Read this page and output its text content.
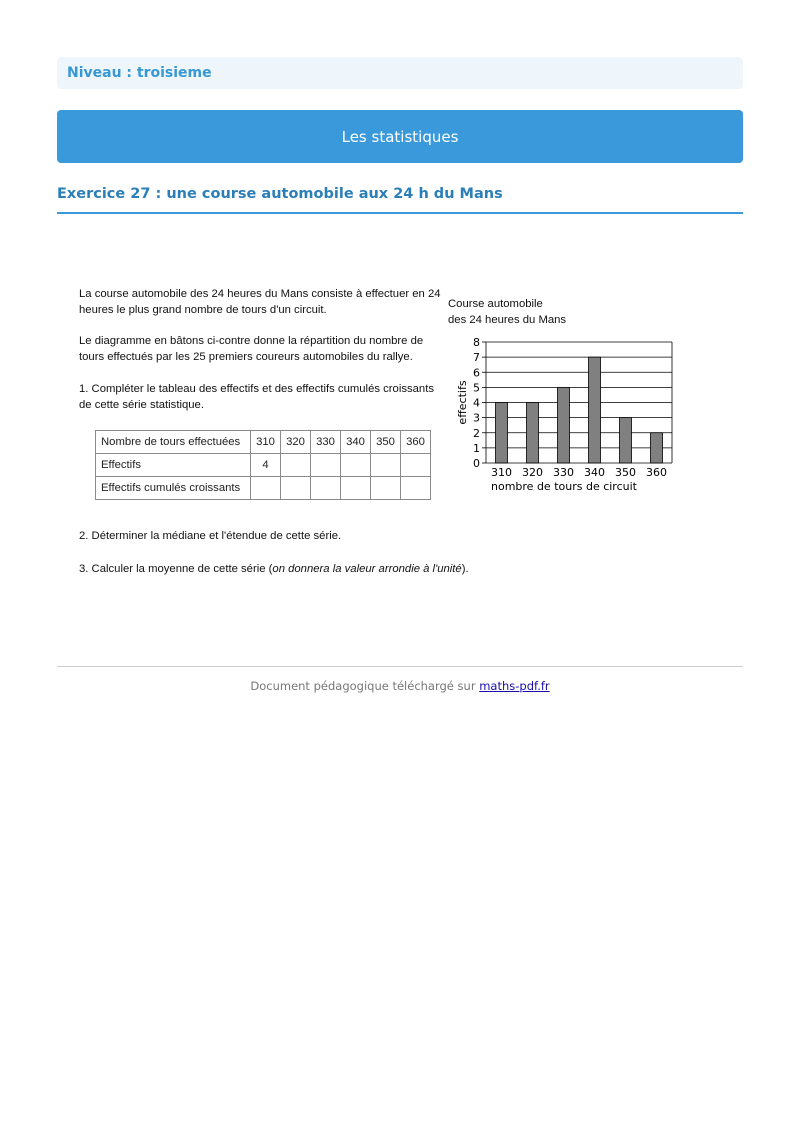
Niveau : troisieme
Les statistiques
Exercice 27 : une course automobile aux 24 h du Mans
La course automobile des 24 heures du Mans consiste à effectuer en 24
heures le plus grand nombre de tours d'un circuit.
Le diagramme en bâtons ci-contre donne la répartition du nombre de
tours effectués par les 25 premiers coureurs automobiles du rallye.
1. Compléter le tableau des effectifs et des effectifs cumulés croissants
de cette série statistique.
2. Déterminer la médiane et l'étendue de cette série.
3. Calculer la moyenne de cette série (on donnera la valeur arrondie à l'unité).
Nombre de tours effectuées	310	320	330	340	350	360
Effectifs	4					
Effectifs cumulés croissants						
Course automobile
des 24 heures du Mans
0
1
2
3
4
5
6
7
8
310 320 330 340 350 360
nombre de tours de circuit
effectifs
Document pédagogique téléchargé sur maths-pdf.fr
